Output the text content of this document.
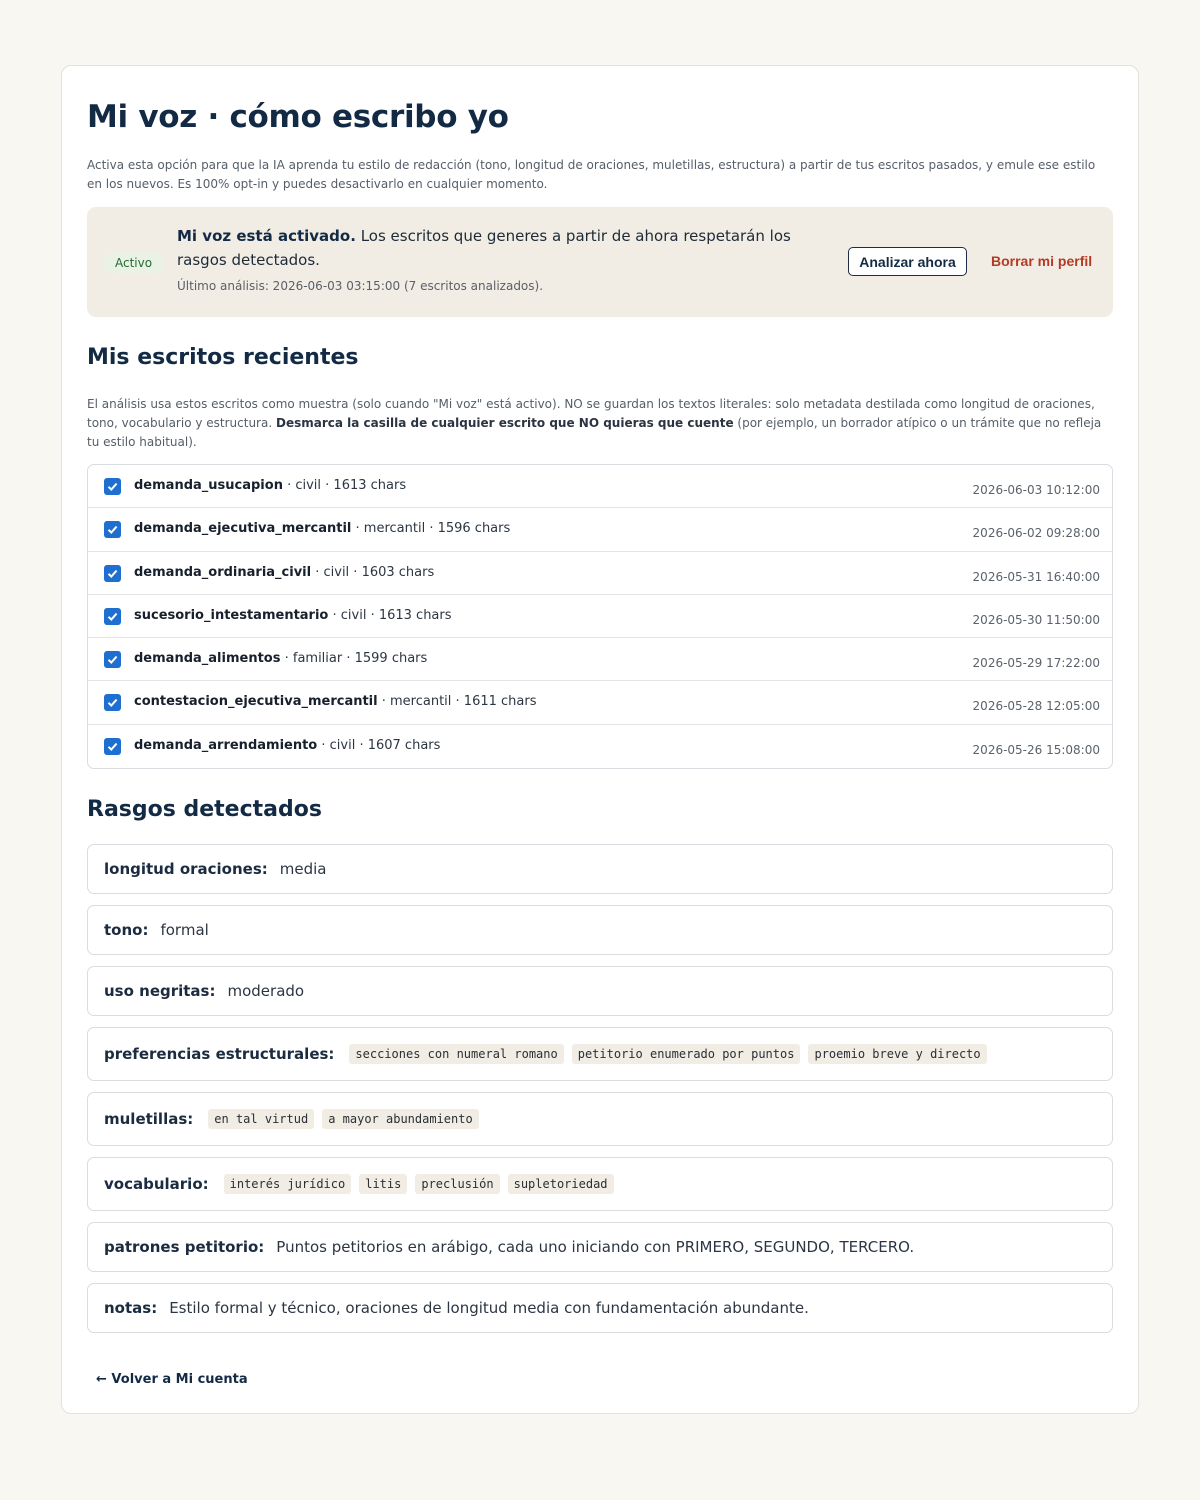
Mi voz · cómo escribo yo

Activa esta opción para que la IA aprenda tu estilo de redacción (tono, longitud de oraciones, muletillas, estructura) a partir de tus escritos pasados, y emule ese estilo en los nuevos. Es 100% opt-in y puedes desactivarlo en cualquier momento.

Activo
Mi voz está activado. Los escritos que generes a partir de ahora respetarán los rasgos detectados.
Último análisis: 2026-06-03 03:15:00 (7 escritos analizados).
Analizar ahora	Borrar mi perfil
Mis escritos recientes

El análisis usa estos escritos como muestra (solo cuando "Mi voz" está activo). NO se guardan los textos literales: solo metadata destilada como longitud de oraciones, tono, vocabulario y estructura. Desmarca la casilla de cualquier escrito que NO quieras que cuente (por ejemplo, un borrador atípico o un trámite que no refleja tu estilo habitual).

demanda_usucapion · civil · 1613 chars	2026-06-03 10:12:00
demanda_ejecutiva_mercantil · mercantil · 1596 chars	2026-06-02 09:28:00
demanda_ordinaria_civil · civil · 1603 chars	2026-05-31 16:40:00
sucesorio_intestamentario · civil · 1613 chars	2026-05-30 11:50:00
demanda_alimentos · familiar · 1599 chars	2026-05-29 17:22:00
contestacion_ejecutiva_mercantil · mercantil · 1611 chars	2026-05-28 12:05:00
demanda_arrendamiento · civil · 1607 chars	2026-05-26 15:08:00
Rasgos detectados
longitud oraciones: media
tono: formal
uso negritas: moderado
preferencias estructurales:	secciones con numeral romano	petitorio enumerado por puntos	proemio breve y directo
muletillas:	en tal virtud	a mayor abundamiento
vocabulario:	interés jurídico	litis	preclusión	supletoriedad
patrones petitorio: Puntos petitorios en arábigo, cada uno iniciando con PRIMERO, SEGUNDO, TERCERO.
notas: Estilo formal y técnico, oraciones de longitud media con fundamentación abundante.
← Volver a Mi cuenta
